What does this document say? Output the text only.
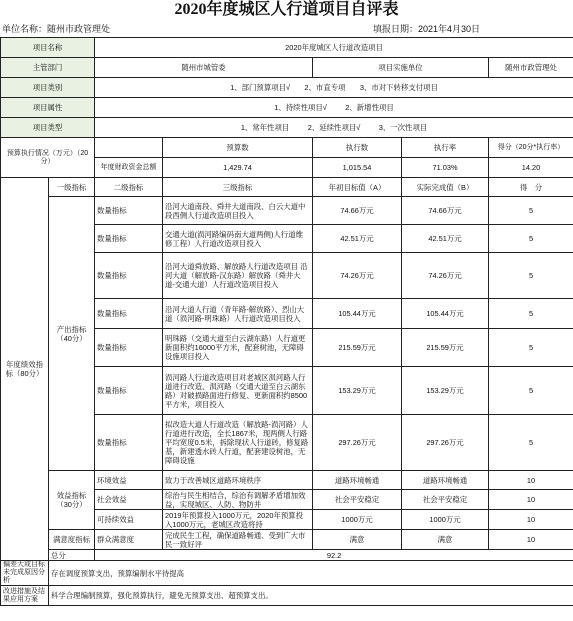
2020年度城区人行道项目自评表
单位名称：随州市政管理处	填报日期：2021年4月30日
项目名称		2020年度城区人行道改造项目				
主管部门		随州市城管委		项目实施单位		随州市政管理处
项目类别		1、部门预算项目√ 2、市直专项 3、市对下转移支付项目				
项目属性		1、持续性项目√ 2、新增性项目				
项目类型		1、常年性项目 2、延续性项目√ 3、一次性项目				
预算执行情况（万元）（20分）			预算数	执行数	执行率	得分（20分*执行率）
		年度财政资金总额	1,429.74	1,015.54	71.03%	14.20
年度绩效指标（80分）	一级指标	二级指标	三级指标	年初目标值（A）	实际完成值（B）	得　分
	产出指标（40分）	数量指标	沿河大道南段、舜井大道南段、白云大道中段西侧人行道改造项目投入	74.66万元	74.66万元	5
		数量指标	交通大道(涢河路编码南大道两侧)人行道维修工程）人行道改造项目投入	42.51万元	42.51万元	5
		数量指标	沿河大道舜放路、解放路人行道改造项目 沿河大道（解放路-汉东路）解放路（舜井大道-交通大道）人行道改造项目投入	74.26万元	74.26万元	5
		数量指标	沿河大道人行道（青年路-解放路）、烈山大道（涢河路-明珠路）人行道改造项目投入	105.44万元	105.44万元	5
		数量指标	明珠路（交通大道至白云湖东路）人行道更新面积约16000平方米，配套树池，无障碍设施项目投入	215.59万元	215.59万元	5
		数量指标	涢河路人行道改造项目对老城区涢河路人行道进行改造、涢河路（交通大道至白云湖东路）对破损路面进行修复、更新面积约8500平方米，项目投入	153.29万元	153.29万元	5
		数量指标	拟改造大道人行道改造（解放路-涢河路）人行道进行改造，全长1867米，现两侧人行路平均宽度0.5米，拆除现状人行道砖，修复路基，新建透水砖人行道，配套建设树池，无障碍设施	297.26万元	297.26万元	5
	效益指标（30分）	环境效益	致力于改善城区道路环境秩序	道路环境畅通	道路环境畅通	10
		社会效益	综治与民生相结合，综治有调解矛盾增加效益，实现城区、人防、物防并	社会平安稳定	社会平安稳定	10
		可持续效益	2019年预算投入1000万元，2020年预算投入1000万元，老城区改造将持	1000万元	1000万元	10
	满意度指标	群众满意度	完成民生工程，确保道路畅通、受到广大市民一致好评	满意	满意	10
	总分	92.2				
偏差大或目标未完成原因分析	存在调度预算支出，预算编制水平待提高					
改进措施及结果应用方案	科学合理编制预算，强化预算执行，避免无预算支出、超预算支出。					
